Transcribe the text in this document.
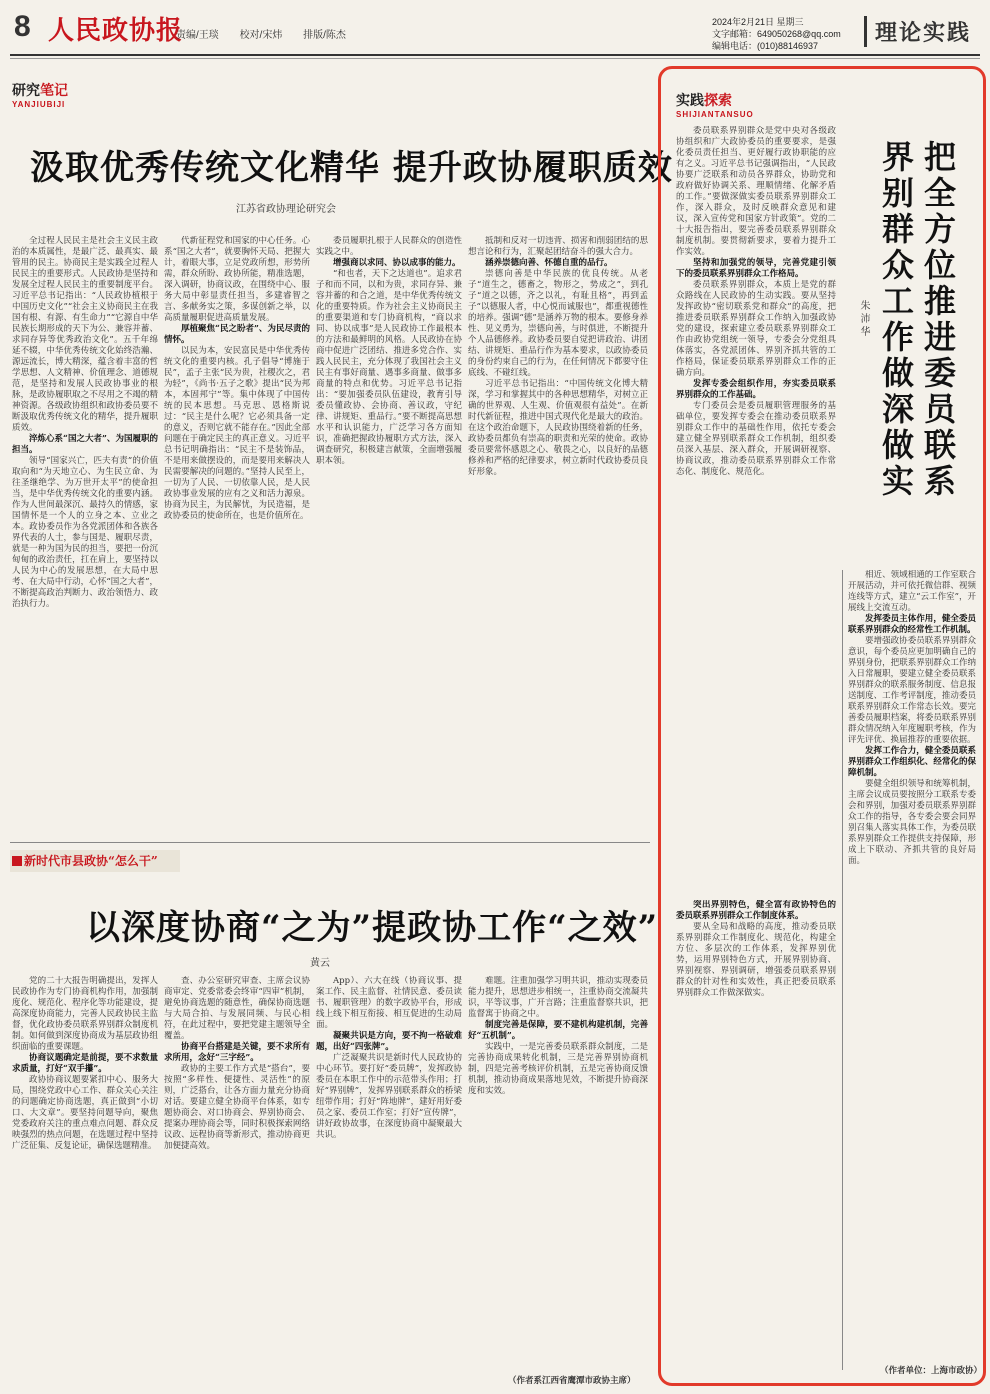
8 人民政协报
责编/王琰 校对/宋炜 排版/陈杰
2024年2月21日 星期三
文字邮箱：649050268@qq.com
编辑电话：(010)88146937	理论实践
研究笔记
YANJIUBIJI
汲取优秀传统文化精华 提升政协履职质效
江苏省政协理论研究会

全过程人民民主是社会主义民主政治的本质属性，是最广泛、最真实、最管用的民主。协商民主是实践全过程人民民主的重要形式。人民政协是坚持和发展全过程人民民主的重要制度平台。习近平总书记指出：“人民政协植根于中国历史文化”“社会主义协商民主在我国有根、有源、有生命力”“它源自中华民族长期形成的天下为公、兼容并蓄、求同存异等优秀政治文化”。五千年绵延不辍，中华优秀传统文化始终浩瀚、源远流长，博大精深，蕴含着丰富的哲学思想、人文精神、价值理念、道德规范，是坚持和发展人民政协事业的根脉，是政协履职取之不尽用之不竭的精神资源。各级政协组织和政协委员要不断汲取优秀传统文化的精华，提升履职质效。

淬炼心系“国之大者”、为国履职的担当。

领导“国家兴亡，匹夫有责”的价值取向和“为天地立心、为生民立命、为往圣继绝学、为万世开太平”的使命担当，是中华优秀传统文化的重要内涵。作为人世间最深沉、最持久的情感，家国情怀是一个人的立身之本、立业之本。政协委员作为各党派团体和各族各界代表的人士，参与国是、履职尽责，就是一种为国为民的担当，要把一份沉甸甸的政治责任，扛在肩上，要坚持以人民为中心的发展思想，在大局中思考、在大局中行动，心怀“国之大者”，不断提高政治判断力、政治领悟力、政治执行力。

代新征程党和国家的中心任务。心系“国之大者”，就要胸怀天局、把握大计，着眼大事，立足党政所想，形势所需，群众所盼、政协所能，精准选题，深入调研，协商议政，在围绕中心、服务大局中彰显责任担当，多建睿智之言、多献务实之策，多谋创新之举，以高质量履职促进高质量发展。

厚植聚焦“民之盼者”、为民尽责的情怀。

以民为本，安民富民是中华优秀传统文化的重要内核。孔子倡导“博施于民”，孟子主张“民为贵，社稷次之，君为轻”，《尚书·五子之歌》提出“民为邦本，本固邦宁”等。集中体现了中国传统的民本思想。马克思、恩格斯说过：“民主是什么呢？它必须具备一定的意义，否则它就不能存在。”因此全部问题在于确定民主的真正意义。习近平总书记明确指出：“民主不是装饰品，不是用来做摆设的，而是要用来解决人民需要解决的问题的。”坚持人民至上，一切为了人民、一切依靠人民，是人民政协事业发展的应有之义和活力源泉。协商为民主，为民解忧，为民造福，是政协委员的使命所在，也是价值所在。

委员履职扎根于人民群众的创造性实践之中。

增强商以求同、协以成事的能力。

“和也者，天下之达道也”。追求君子和而不同，以和为贵，求同存异、兼容并蓄的和合之道，是中华优秀传统文化的重要特质。作为社会主义协商民主的重要渠道和专门协商机构，“商以求同、协以成事”是人民政协工作最根本的方法和最鲜明的风格。人民政协在协商中促进广泛团结、推进多党合作、实践人民民主，充分体现了我国社会主义民主有事好商量、遇事多商量、做事多商量的特点和优势。习近平总书记指出：“要加强委员队伍建设，教育引导委员懂政协、会协商、善议政，守纪律、讲规矩、重品行。”要不断提高思想水平和认识能力，广泛学习各方面知识，准确把握政协履职方式方法，深入调查研究，积极建言献策，全面增强履职本领。

抵制和反对一切违背、损害和削弱团结的思想言论和行为，汇聚起团结奋斗的强大合力。

涵养崇德向善、怀德自重的品行。

崇德向善是中华民族的优良传统。从老子“道生之，德畜之，物形之，势成之”，到孔子“道之以德，齐之以礼，有耻且格”，再到孟子“以德服人者，中心悦而诚服也”，都重视德性的培养。强调“德”是涵养万物的根本。要修身养性、见义勇为，崇德向善，与时俱进，不断提升个人品德修养。政协委员要自觉把讲政治、讲团结、讲规矩、重品行作为基本要求，以政协委员的身份约束自己的行为，在任何情况下都要守住底线、不碰红线。

习近平总书记指出：“中国传统文化博大精深，学习和掌握其中的各种思想精华，对树立正确的世界观、人生观、价值观很有益处”。在新时代新征程，推进中国式现代化是最大的政治。在这个政治命题下，人民政协围绕着新的任务，政协委员都负有崇高的职责和光荣的使命。政协委员要常怀感恩之心、敬畏之心，以良好的品德修养和严格的纪律要求，树立新时代政协委员良好形象。

新时代市县政协“怎么干”
以深度协商“之为”提政协工作“之效”
黄云

党的二十大报告明确提出，发挥人民政协作为专门协商机构作用，加强制度化、规范化、程序化等功能建设，提高深度协商能力，完善人民政协民主监督，优化政协委员联系界别群众制度机制。如何做到深度协商成为基层政协组织面临的重要课题。

协商议题确定是前提，要不求数量求质量，打好“双手攥”。

政协协商议题要紧扣中心、服务大局，围绕党政中心工作、群众关心关注的问题确定协商选题，真正做到“小切口、大文章”。要坚持问题导向，聚焦党委政府关注的重点难点问题、群众反映强烈的热点问题，在选题过程中坚持广泛征集、反复论证，确保选题精准。

查、办公室研究审查、主席会议协商审定、党委常委会终审“四审”机制，避免协商选题的随意性，确保协商选题与大局合拍、与发展同频、与民心相符，在此过程中，要把党建主题领导全覆盖。

协商平台搭建是关键，要不求所有求所用，念好“三字经”。

政协的主要工作方式是“搭台”，要按照“多样性、便捷性、灵活性”的原则，广泛搭台，让各方面力量充分协商对话。要建立健全协商平台体系，如专题协商会、对口协商会、界别协商会、提案办理协商会等，同时积极探索网络议政、远程协商等新形式，推动协商更加便捷高效。

App）、六大在线（协商议事、提案工作、民主监督、社情民意、委员读书、履职管理）的数字政协平台，形成线上线下相互衔接、相互促进的生动局面。

凝聚共识是方向，要不拘一格破难题，出好“四张牌”。

广泛凝聚共识是新时代人民政协的中心环节。要打好“委员牌”，发挥政协委员在本职工作中的示范带头作用；打好“界别牌”，发挥界别联系群众的桥梁纽带作用；打好“阵地牌”，建好用好委员之家、委员工作室；打好“宣传牌”，讲好政协故事，在深度协商中凝聚最大共识。

难题。注重加强学习明共识，推动实现委员能力提升，思想进步相统一，注重协商交流凝共识，平等议事，广开言路；注重监督察共识，把监督寓于协商之中。

制度完善是保障，要不建机构建机制，完善好“五机制”。

实践中，一是完善委员联系群众制度，二是完善协商成果转化机制，三是完善界别协商机制，四是完善考核评价机制，五是完善协商反馈机制，推动协商成果落地见效，不断提升协商深度和实效。

（作者系江西省鹰潭市政协主席）
实践探索
SHIJIANTANSUO
把全方位推进委员联系
界别群众工作做深做实
朱沛华

委员联系界别群众是党中央对各级政协组织和广大政协委员的重要要求，是强化委员责任担当、更好履行政协职能的应有之义。习近平总书记强调指出，“人民政协要广泛联系和动员各界群众，协助党和政府做好协调关系、理顺情绪、化解矛盾的工作。”要做深做实委员联系界别群众工作，深入群众，及时反映群众意见和建议，深入宣传党和国家方针政策”。党的二十大报告指出，要完善委员联系界别群众制度机制。要贯彻新要求，要着力提升工作实效。

坚持和加强党的领导，完善党建引领下的委员联系界别群众工作格局。

委员联系界别群众，本质上是党的群众路线在人民政协的生动实践。要从坚持发挥政协“密切联系党和群众”的高度，把推进委员联系界别群众工作纳入加强政协党的建设，探索建立委员联系界别群众工作由政协党组统一领导，专委会分党组具体落实，各党派团体、界别齐抓共管的工作格局，保证委员联系界别群众工作的正确方向。

发挥专委会组织作用，夯实委员联系界别群众的工作基础。

专门委员会是委员履职管理服务的基础单位，要发挥专委会在推动委员联系界别群众工作中的基础性作用，依托专委会建立健全界别联系群众工作机制，组织委员深入基层、深入群众，开展调研视察、协商议政，推动委员联系界别群众工作常态化、制度化、规范化。

突出界别特色，健全富有政协特色的委员联系界别群众工作制度体系。

要从全局和战略的高度，推动委员联系界别群众工作制度化、规范化，构建全方位、多层次的工作体系，发挥界别优势，运用界别特色方式，开展界别协商、界别视察、界别调研，增强委员联系界别群众的针对性和实效性，真正把委员联系界别群众工作做深做实。

相近、领域相通的工作室联合开展活动，并可依托微信群、视频连线等方式，建立“云工作室”，开展线上交流互动。

发挥委员主体作用，健全委员联系界别群众的经常性工作机制。

要增强政协委员联系界别群众意识，每个委员应更加明确自己的界别身份，把联系界别群众工作纳入日常履职，要建立健全委员联系界别群众的联系服务制度、信息报送制度、工作考评制度，推动委员联系界别群众工作常态长效。要完善委员履职档案，将委员联系界别群众情况纳入年度履职考核，作为评先评优、换届推荐的重要依据。

发挥工作合力，健全委员联系界别群众工作组织化、经常化的保障机制。

要健全组织领导和统筹机制，主席会议成员要按照分工联系专委会和界别，加强对委员联系界别群众工作的指导，各专委会要会同界别召集人落实具体工作，为委员联系界别群众工作提供支持保障，形成上下联动、齐抓共管的良好局面。

（作者单位：上海市政协）
